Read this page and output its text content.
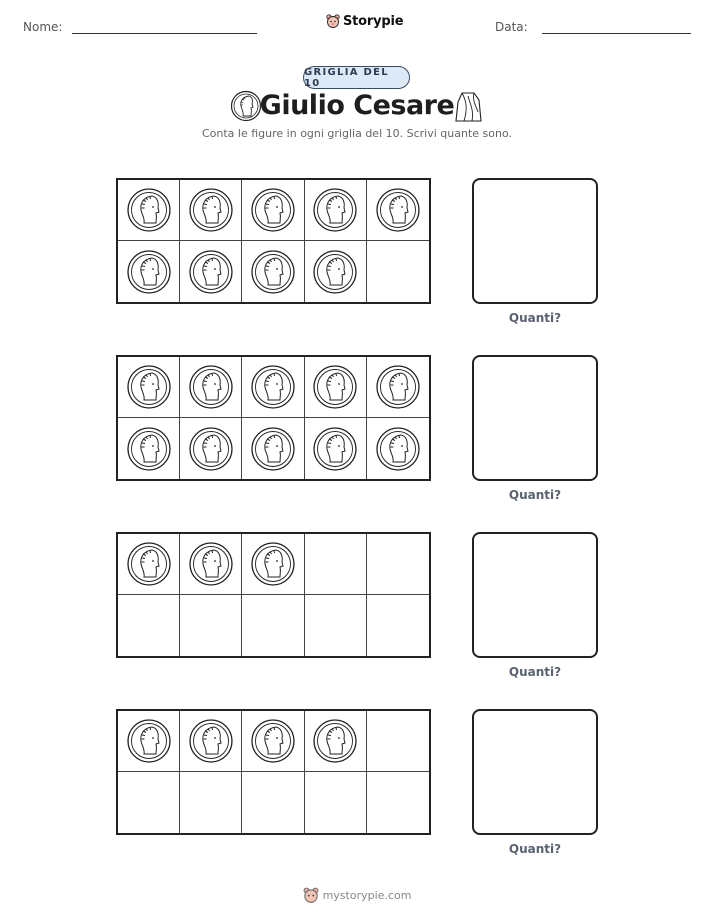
Nome:	Storypie	Data:
GRIGLIA DEL 10
Giulio Cesare
Conta le figure in ogni griglia del 10. Scrivi quante sono.
Quanti?
Quanti?
Quanti?
Quanti?
mystorypie.com
